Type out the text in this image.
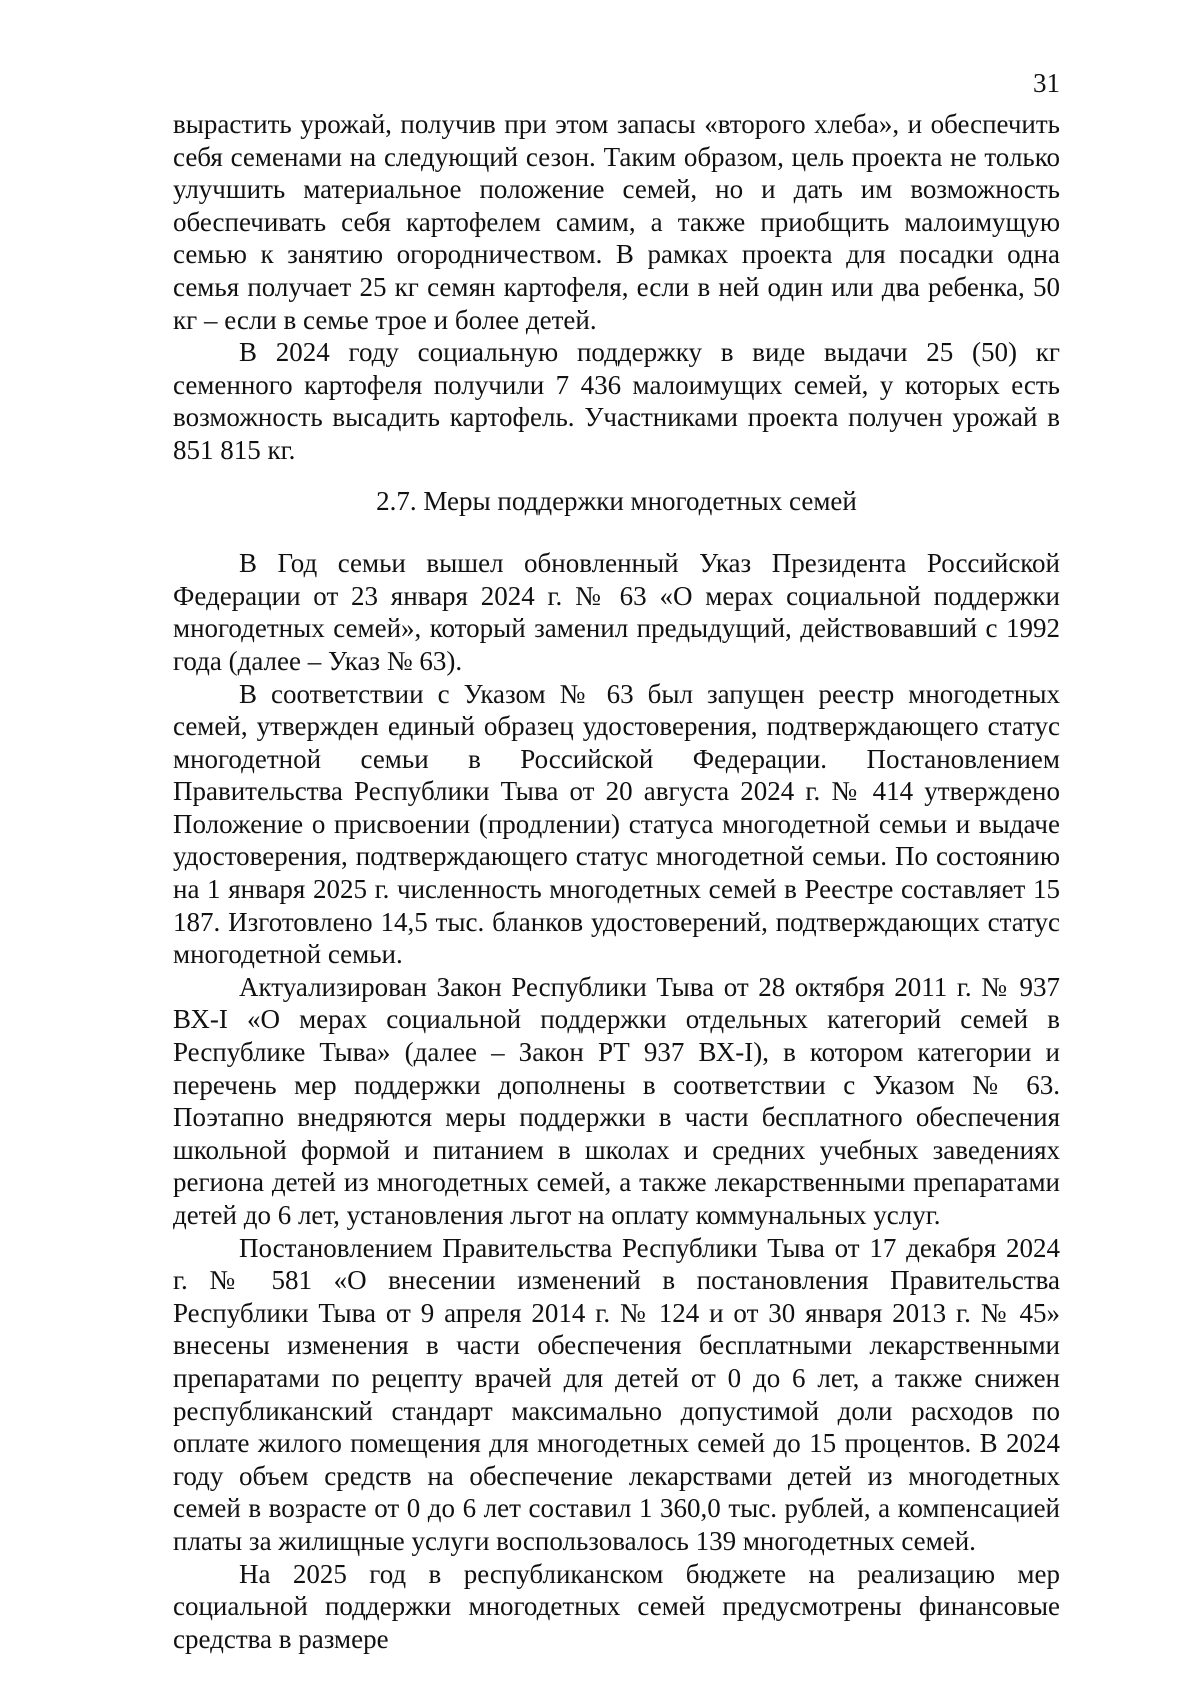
31

вырастить урожай, получив при этом запасы «второго хлеба», и обеспечить себя семенами на следующий сезон. Таким образом, цель проекта не только улучшить материальное положение семей, но и дать им возможность обеспечивать себя картофелем самим, а также приобщить малоимущую семью к занятию огородничеством. В рамках проекта для посадки одна семья получает 25 кг семян картофеля, если в ней один или два ребенка, 50 кг – если в семье трое и более детей.

В 2024 году социальную поддержку в виде выдачи 25 (50) кг семенного картофеля получили 7 436 малоимущих семей, у которых есть возможность высадить картофель. Участниками проекта получен урожай в 851 815 кг.

2.7. Меры поддержки многодетных семей

В Год семьи вышел обновленный Указ Президента Российской Федерации от 23 января 2024 г. № 63 «О мерах социальной поддержки многодетных семей», который заменил предыдущий, действовавший с 1992 года (далее – Указ № 63).

В соответствии с Указом № 63 был запущен реестр многодетных семей, утвержден единый образец удостоверения, подтверждающего статус многодетной семьи в Российской Федерации. Постановлением Правительства Республики Тыва от 20 августа 2024 г. № 414 утверждено Положение о присвоении (продлении) статуса многодетной семьи и выдаче удостоверения, подтверждающего статус многодетной семьи. По состоянию на 1 января 2025 г. численность многодетных семей в Реестре составляет 15 187. Изготовлено 14,5 тыс. бланков удостоверений, подтверждающих статус многодетной семьи.

Актуализирован Закон Республики Тыва от 28 октября 2011 г. № 937 ВХ-I «О мерах социальной поддержки отдельных категорий семей в Республике Тыва» (далее – Закон РТ 937 ВХ-I), в котором категории и перечень мер поддержки дополнены в соответствии с Указом № 63. Поэтапно внедряются меры поддержки в части бесплатного обеспечения школьной формой и питанием в школах и средних учебных заведениях региона детей из многодетных семей, а также лекарственными препаратами детей до 6 лет, установления льгот на оплату коммунальных услуг.

Постановлением Правительства Республики Тыва от 17 декабря 2024 г. № 581 «О внесении изменений в постановления Правительства Республики Тыва от 9 апреля 2014 г. № 124 и от 30 января 2013 г. № 45» внесены изменения в части обеспечения бесплатными лекарственными препаратами по рецепту врачей для детей от 0 до 6 лет, а также снижен республиканский стандарт максимально допустимой доли расходов по оплате жилого помещения для многодетных семей до 15 процентов. В 2024 году объем средств на обеспечение лекарствами детей из многодетных семей в возрасте от 0 до 6 лет составил 1 360,0 тыс. рублей, а компенсацией платы за жилищные услуги воспользовалось 139 многодетных семей.

На 2025 год в республиканском бюджете на реализацию мер социальной поддержки многодетных семей предусмотрены финансовые средства в размере
